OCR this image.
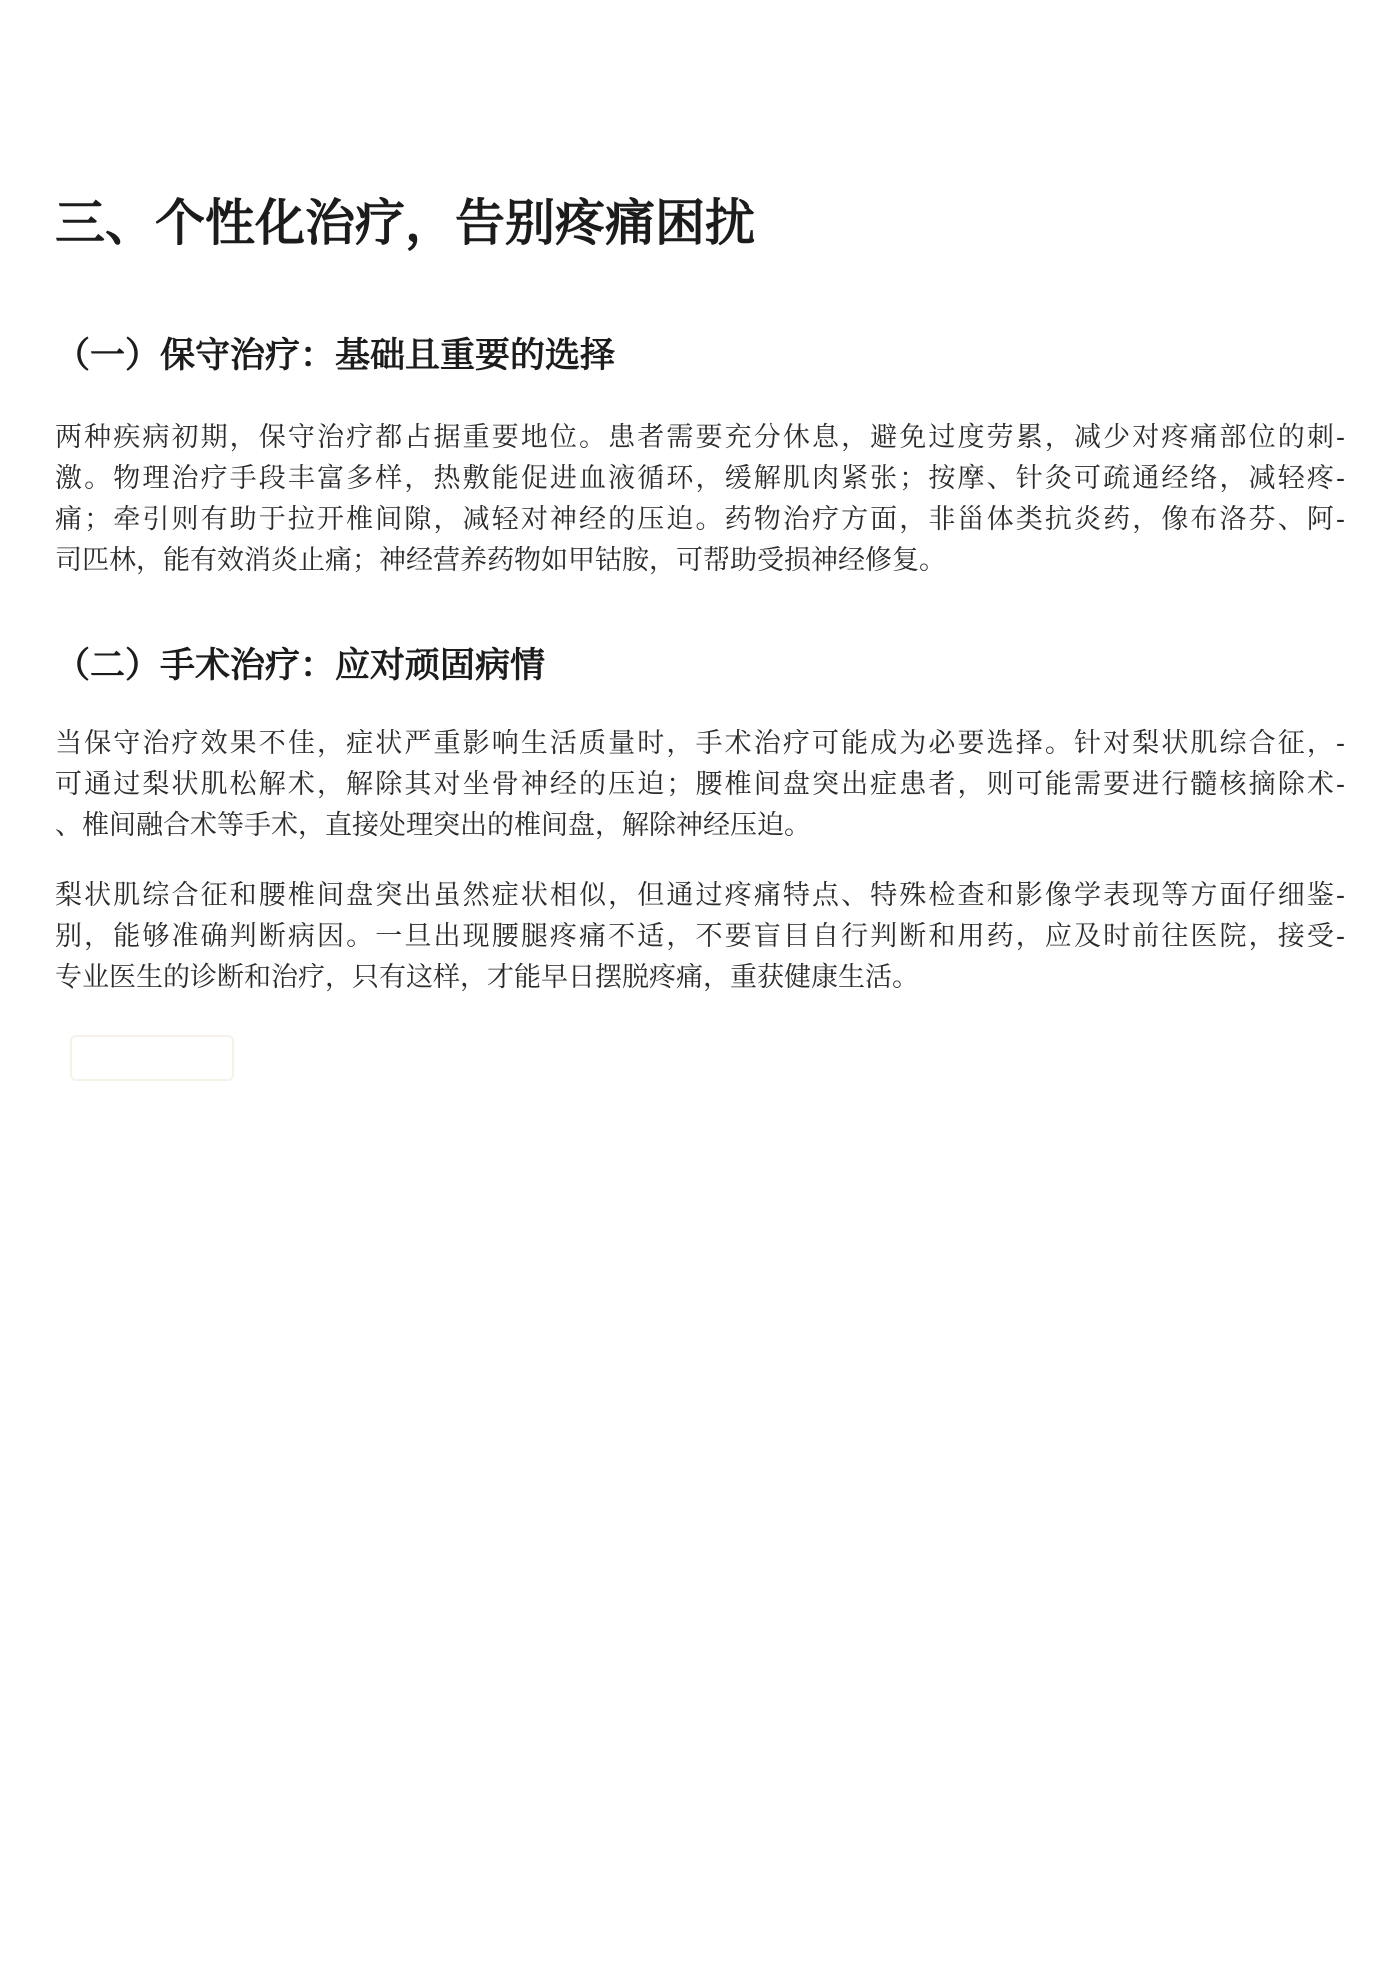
三、个性化治疗，告别疼痛困扰
（一）保守治疗：基础且重要的选择

两种疾病初期，保守治疗都占据重要地位。患者需要充分休息，避免过度劳累，减少对疼痛部位的刺-
激。物理治疗手段丰富多样，热敷能促进血液循环，缓解肌肉紧张；按摩、针灸可疏通经络，减轻疼-
痛；牵引则有助于拉开椎间隙，减轻对神经的压迫。药物治疗方面，非甾体类抗炎药，像布洛芬、阿-
司匹林，能有效消炎止痛；神经营养药物如甲钴胺，可帮助受损神经修复。

（二）手术治疗：应对顽固病情

当保守治疗效果不佳，症状严重影响生活质量时，手术治疗可能成为必要选择。针对梨状肌综合征，-
可通过梨状肌松解术，解除其对坐骨神经的压迫；腰椎间盘突出症患者，则可能需要进行髓核摘除术-
、椎间融合术等手术，直接处理突出的椎间盘，解除神经压迫。

梨状肌综合征和腰椎间盘突出虽然症状相似，但通过疼痛特点、特殊检查和影像学表现等方面仔细鉴-
别，能够准确判断病因。一旦出现腰腿疼痛不适，不要盲目自行判断和用药，应及时前往医院，接受-
专业医生的诊断和治疗，只有这样，才能早日摆脱疼痛，重获健康生活。
